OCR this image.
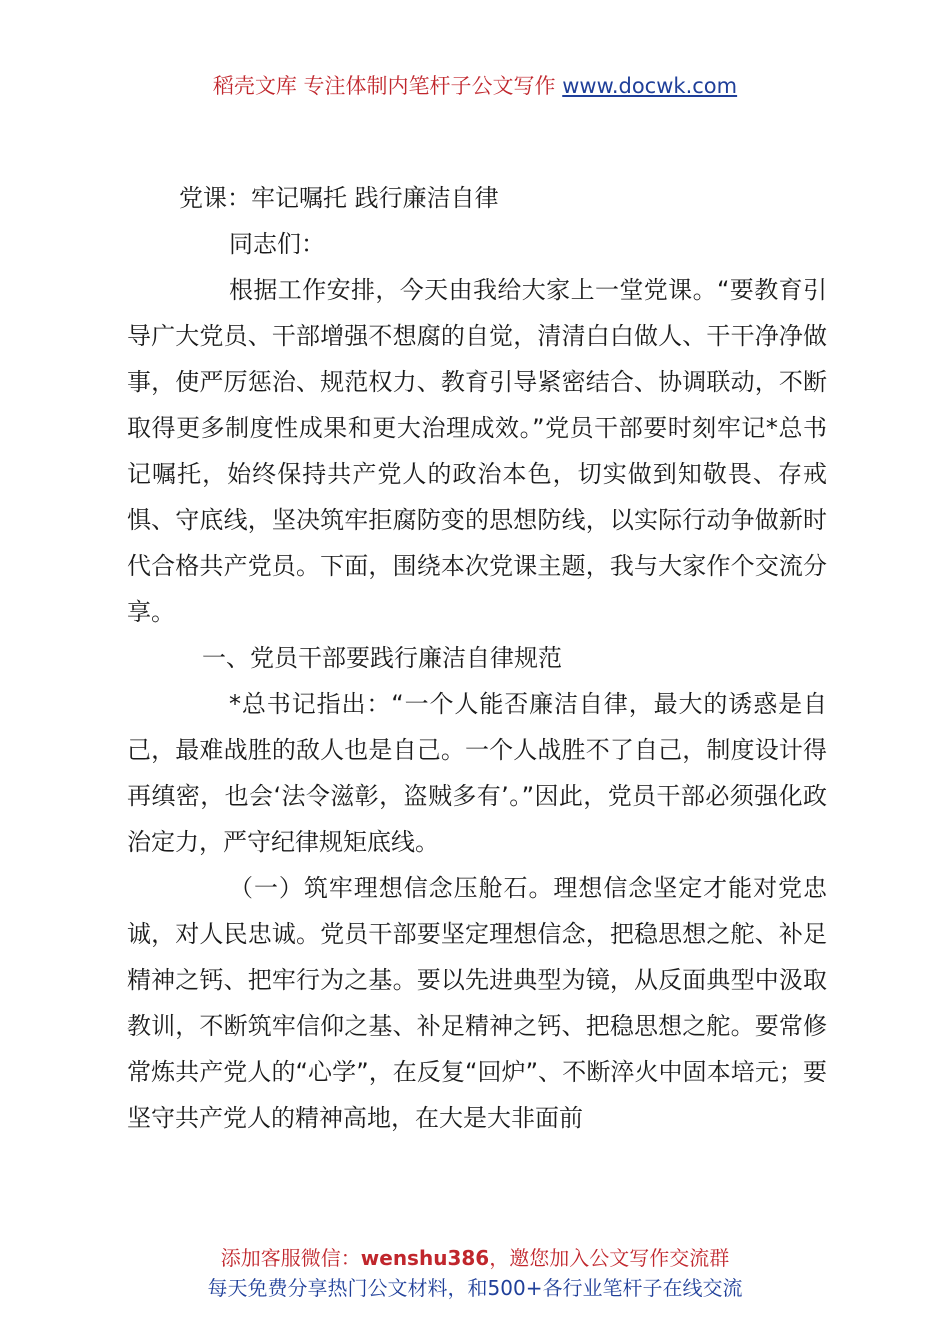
稻壳文库 专注体制内笔杆子公文写作 www.docwk.com

党课：牢记嘱托 践行廉洁自律

同志们：

根据工作安排，今天由我给大家上一堂党课。“要教育引导广大党员、干部增强不想腐的自觉，清清白白做人、干干净净做事，使严厉惩治、规范权力、教育引导紧密结合、协调联动，不断取得更多制度性成果和更大治理成效。”党员干部要时刻牢记*总书记嘱托，始终保持共产党人的政治本色，切实做到知敬畏、存戒惧、守底线，坚决筑牢拒腐防变的思想防线，以实际行动争做新时代合格共产党员。下面，围绕本次党课主题，我与大家作个交流分享。

一、党员干部要践行廉洁自律规范

*总书记指出：“一个人能否廉洁自律，最大的诱惑是自己，最难战胜的敌人也是自己。一个人战胜不了自己，制度设计得再缜密，也会‘法令滋彰，盗贼多有’。”因此，党员干部必须强化政治定力，严守纪律规矩底线。

（一）筑牢理想信念压舱石。理想信念坚定才能对党忠诚，对人民忠诚。党员干部要坚定理想信念，把稳思想之舵、补足精神之钙、把牢行为之基。要以先进典型为镜，从反面典型中汲取教训，不断筑牢信仰之基、补足精神之钙、把稳思想之舵。要常修常炼共产党人的“心学”，在反复“回炉”、不断淬火中固本培元；要坚守共产党人的精神高地，在大是大非面前

添加客服微信：wenshu386，邀您加入公文写作交流群
每天免费分享热门公文材料，和500+各行业笔杆子在线交流
